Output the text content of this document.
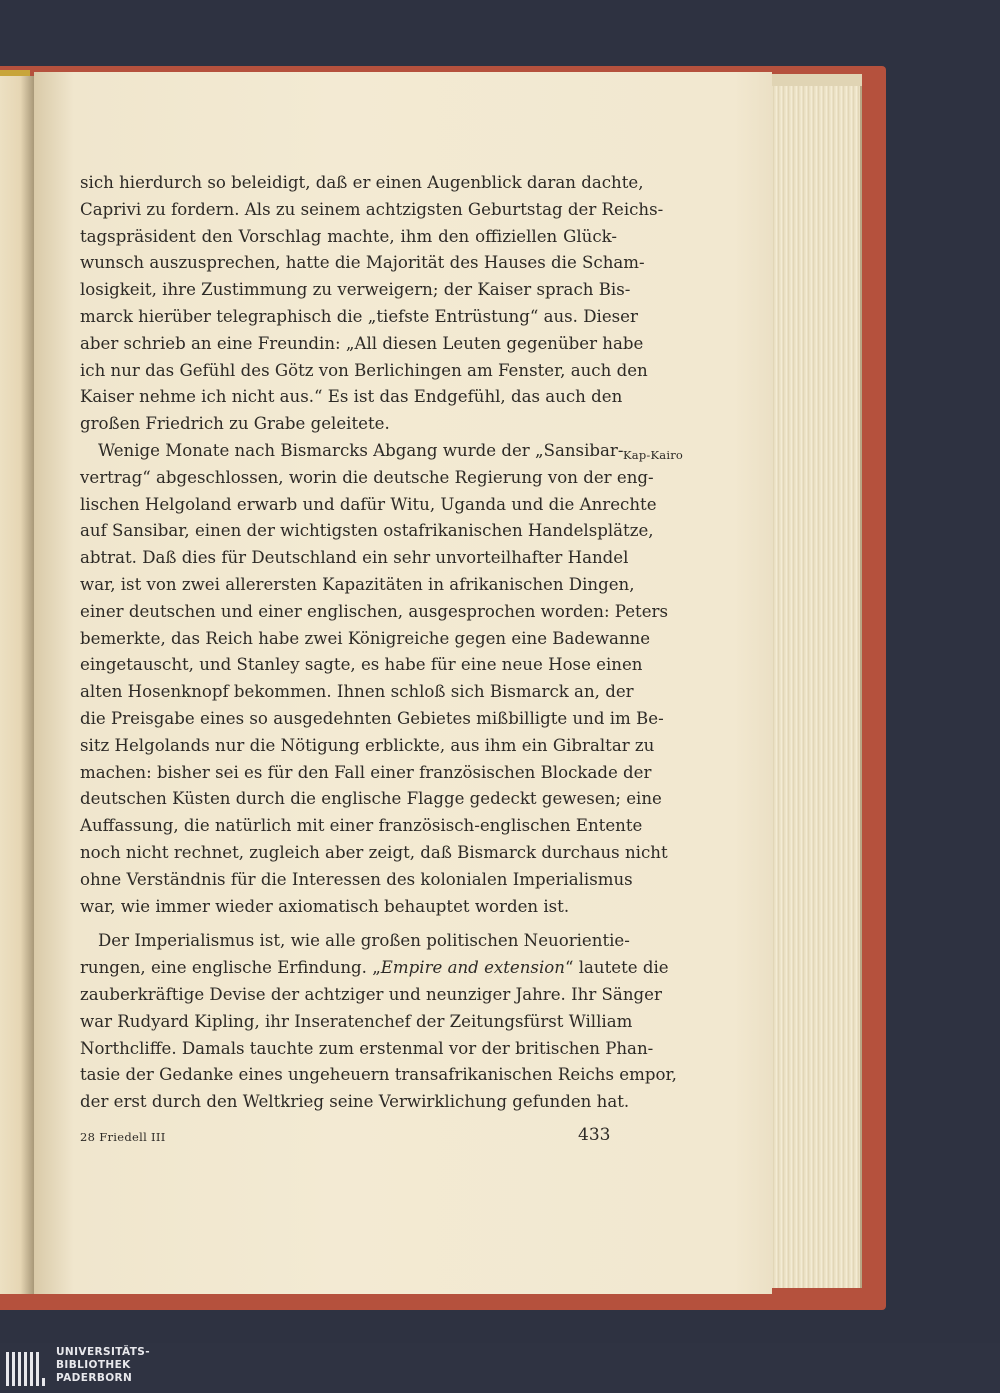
sich hierdurch so beleidigt, daß er einen Augenblick daran dachte,
Caprivi zu fordern. Als zu seinem achtzigsten Geburtstag der Reichs-
tagspräsident den Vorschlag machte, ihm den offiziellen Glück-
wunsch auszusprechen, hatte die Majorität des Hauses die Scham-
losigkeit, ihre Zustimmung zu verweigern; der Kaiser sprach Bis-
marck hierüber telegraphisch die „tiefste Entrüstung“ aus. Dieser
aber schrieb an eine Freundin: „All diesen Leuten gegenüber habe
ich nur das Gefühl des Götz von Berlichingen am Fenster, auch den
Kaiser nehme ich nicht aus.“ Es ist das Endgefühl, das auch den
großen Friedrich zu Grabe geleitete.
Wenige Monate nach Bismarcks Abgang wurde der „Sansibar-
vertrag“ abgeschlossen, worin die deutsche Regierung von der eng-
lischen Helgoland erwarb und dafür Witu, Uganda und die Anrechte
auf Sansibar, einen der wichtigsten ostafrikanischen Handelsplätze,
abtrat. Daß dies für Deutschland ein sehr unvorteilhafter Handel
war, ist von zwei allerersten Kapazitäten in afrikanischen Dingen,
einer deutschen und einer englischen, ausgesprochen worden: Peters
bemerkte, das Reich habe zwei Königreiche gegen eine Badewanne
eingetauscht, und Stanley sagte, es habe für eine neue Hose einen
alten Hosenknopf bekommen. Ihnen schloß sich Bismarck an, der
die Preisgabe eines so ausgedehnten Gebietes mißbilligte und im Be-
sitz Helgolands nur die Nötigung erblickte, aus ihm ein Gibraltar zu
machen: bisher sei es für den Fall einer französischen Blockade der
deutschen Küsten durch die englische Flagge gedeckt gewesen; eine
Auffassung, die natürlich mit einer französisch-englischen Entente
noch nicht rechnet, zugleich aber zeigt, daß Bismarck durchaus nicht
ohne Verständnis für die Interessen des kolonialen Imperialismus
war, wie immer wieder axiomatisch behauptet worden ist.
Der Imperialismus ist, wie alle großen politischen Neuorientie-
rungen, eine englische Erfindung. „Empire and extension“ lautete die
zauberkräftige Devise der achtziger und neunziger Jahre. Ihr Sänger
war Rudyard Kipling, ihr Inseratenchef der Zeitungsfürst William
Northcliffe. Damals tauchte zum erstenmal vor der britischen Phan-
tasie der Gedanke eines ungeheuern transafrikanischen Reichs empor,
der erst durch den Weltkrieg seine Verwirklichung gefunden hat.
Kap-Kairo
28 Friedell III	433
UNIVERSITÄTS-
BIBLIOTHEK
PADERBORN
